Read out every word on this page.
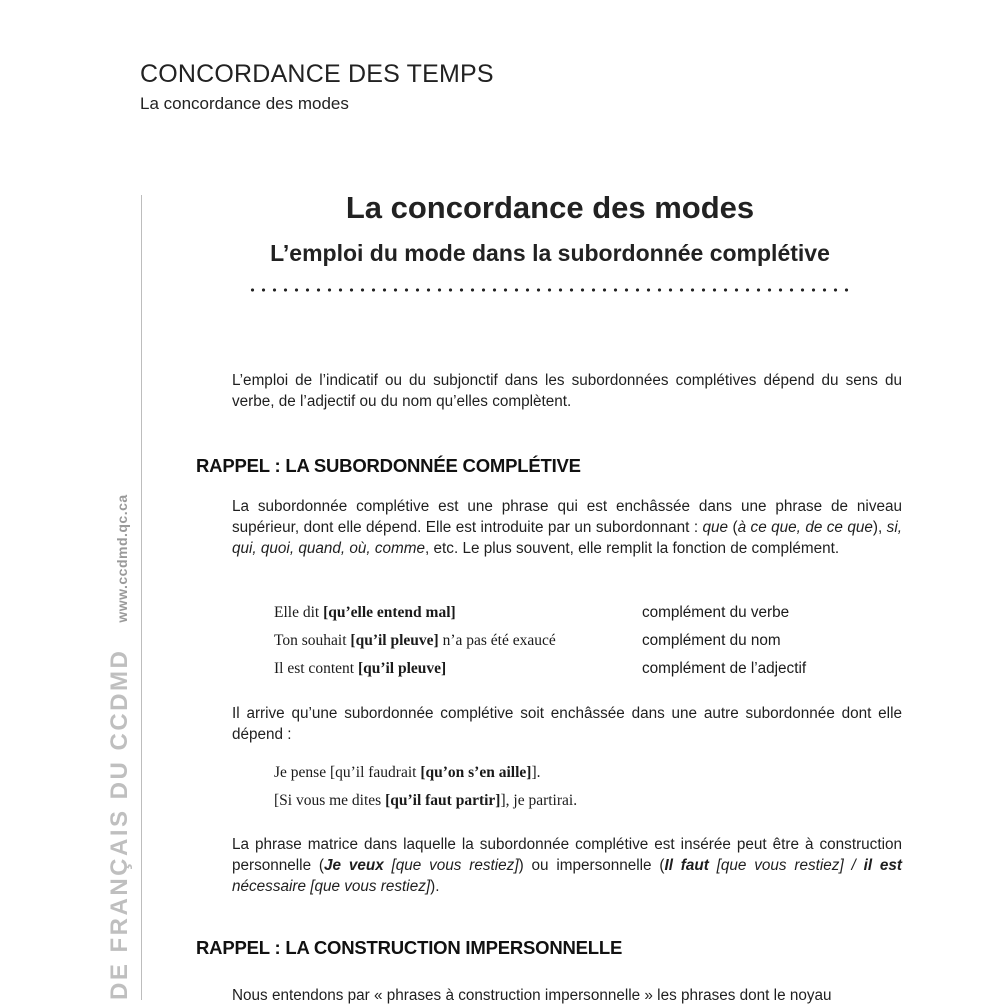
CONCORDANCE DES TEMPS
La concordance des modes
DE FRANÇAIS DU CCDMDwww.ccdmd.qc.ca
La concordance des modes
L’emploi du mode dans la subordonnée complétive
L’emploi de l’indicatif ou du subjonctif dans les subordonnées complétives dépend du sens du verbe, de l’adjectif ou du nom qu’elles complètent.
RAPPEL : LA SUBORDONNÉE COMPLÉTIVE
La subordonnée complétive est une phrase qui est enchâssée dans une phrase de niveau supérieur, dont elle dépend. Elle est introduite par un subordonnant : que (à ce que, de ce que), si, qui, quoi, quand, où, comme, etc. Le plus souvent, elle remplit la fonction de complément.
Elle dit [qu’elle entend mal]	complément du verbe
Ton souhait [qu’il pleuve] n’a pas été exaucé	complément du nom
Il est content [qu’il pleuve]	complément de l’adjectif
Il arrive qu’une subordonnée complétive soit enchâssée dans une autre subordonnée dont elle dépend :
Je pense [qu’il faudrait [qu’on s’en aille]].
[Si vous me dites [qu’il faut partir]], je partirai.
La phrase matrice dans laquelle la subordonnée complétive est insérée peut être à construction personnelle (Je veux [que vous restiez]) ou impersonnelle (Il faut [que vous restiez] / il est nécessaire [que vous restiez]).
RAPPEL : LA CONSTRUCTION IMPERSONNELLE
Nous entendons par « phrases à construction impersonnelle » les phrases dont le noyau
